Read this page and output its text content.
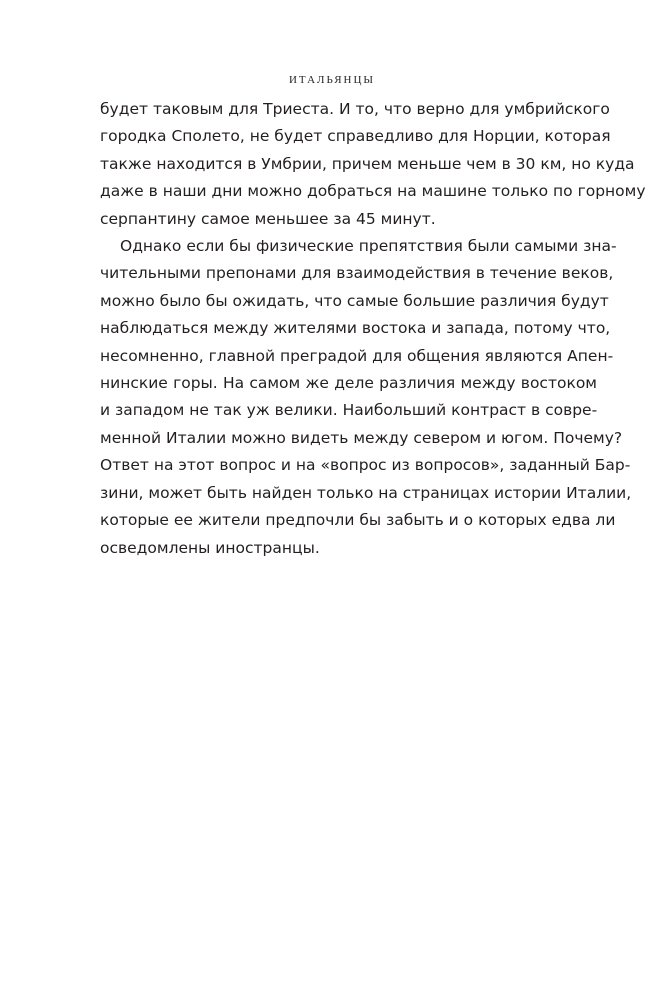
ИТАЛЬЯНЦЫ
будет таковым для Триеста. И то, что верно для умбрийского
городка Сполето, не будет справедливо для Норции, которая
также находится в Умбрии, причем меньше чем в 30 км, но куда
даже в наши дни можно добраться на машине только по горному
серпантину самое меньшее за 45 минут.
Однако если бы физические препятствия были самыми зна-
чительными препонами для взаимодействия в течение веков,
можно было бы ожидать, что самые большие различия будут
наблюдаться между жителями востока и запада, потому что,
несомненно, главной преградой для общения являются Апен-
нинские горы. На самом же деле различия между востоком
и западом не так уж велики. Наибольший контраст в совре-
менной Италии можно видеть между севером и югом. Почему?
Ответ на этот вопрос и на «вопрос из вопросов», заданный Бар-
зини, может быть найден только на страницах истории Италии,
которые ее жители предпочли бы забыть и о которых едва ли
осведомлены иностранцы.
